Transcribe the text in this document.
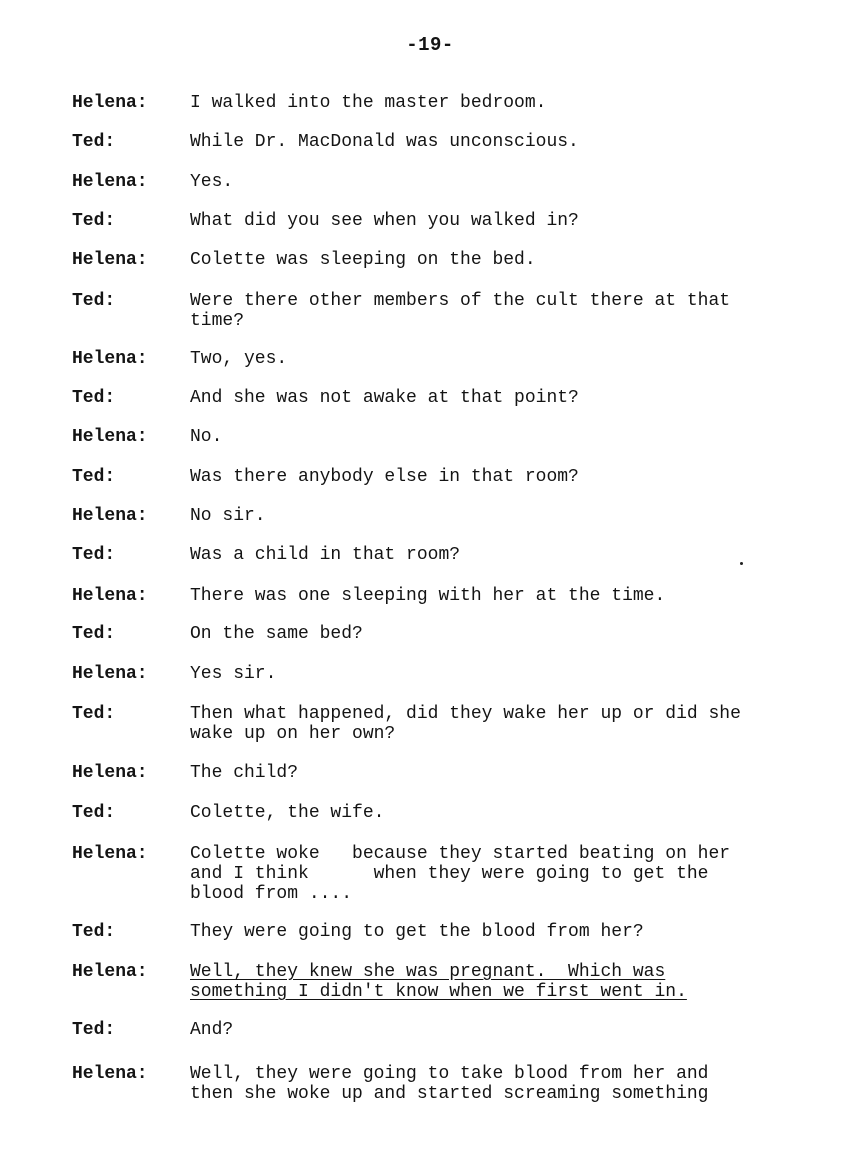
-19-
Helena:	I walked into the master bedroom.
Ted:	While Dr. MacDonald was unconscious.
Helena:	Yes.
Ted:	What did you see when you walked in?
Helena:	Colette was sleeping on the bed.
Ted:	Were there other members of the cult there at that
time?
Helena:	Two, yes.
Ted:	And she was not awake at that point?
Helena:	No.
Ted:	Was there anybody else in that room?
Helena:	No sir.
Ted:	Was a child in that room?
Helena:	There was one sleeping with her at the time.
Ted:	On the same bed?
Helena:	Yes sir.
Ted:	Then what happened, did they wake her up or did she
wake up on her own?
Helena:	The child?
Ted:	Colette, the wife.
Helena:	Colette woke   because they started beating on her
and I think      when they were going to get the
blood from ....
Ted:	They were going to get the blood from her?
Helena:	Well, they knew she was pregnant.  Which was
something I didn't know when we first went in.
Ted:	And?
Helena:	Well, they were going to take blood from her and
then she woke up and started screaming something
